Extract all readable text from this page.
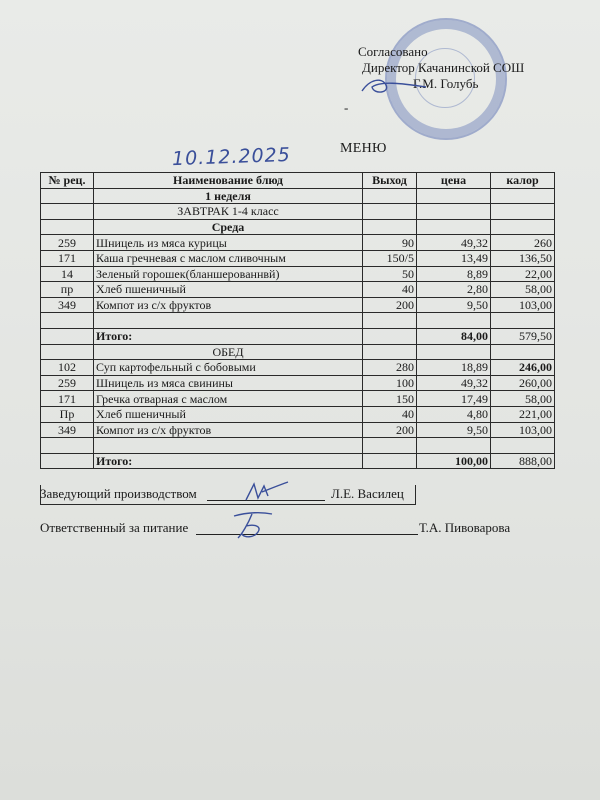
Согласовано
Директор Качанинской СОШ
Г.М. Голубь
-
МЕНЮ
10.12.2025
№ рец.	Наименование блюд	Выход	цена	калор
	1 неделя			
	ЗАВТРАК 1-4 класс			
	Среда			
259	Шницель из мяса курицы	90	49,32	260
171	Каша гречневая с маслом сливочным	150/5	13,49	136,50
14	Зеленый горошек(бланшерованнвй)	50	8,89	22,00
пр	Хлеб пшеничный	40	2,80	58,00
349	Компот из с/х фруктов	200	9,50	103,00

	Итого:		84,00	579,50
	ОБЕД			
102	Суп картофельный с бобовыми	280	18,89	246,00
259	Шницель из мяса свинины	100	49,32	260,00
171	Гречка отварная с маслом	150	17,49	58,00
Пр	Хлеб пшеничный	40	4,80	221,00
349	Компот из с/х фруктов	200	9,50	103,00

	Итого:		100,00	888,00
Заведующий производством	Л.Е. Василец
Ответственный за питание	Т.А. Пивоварова
